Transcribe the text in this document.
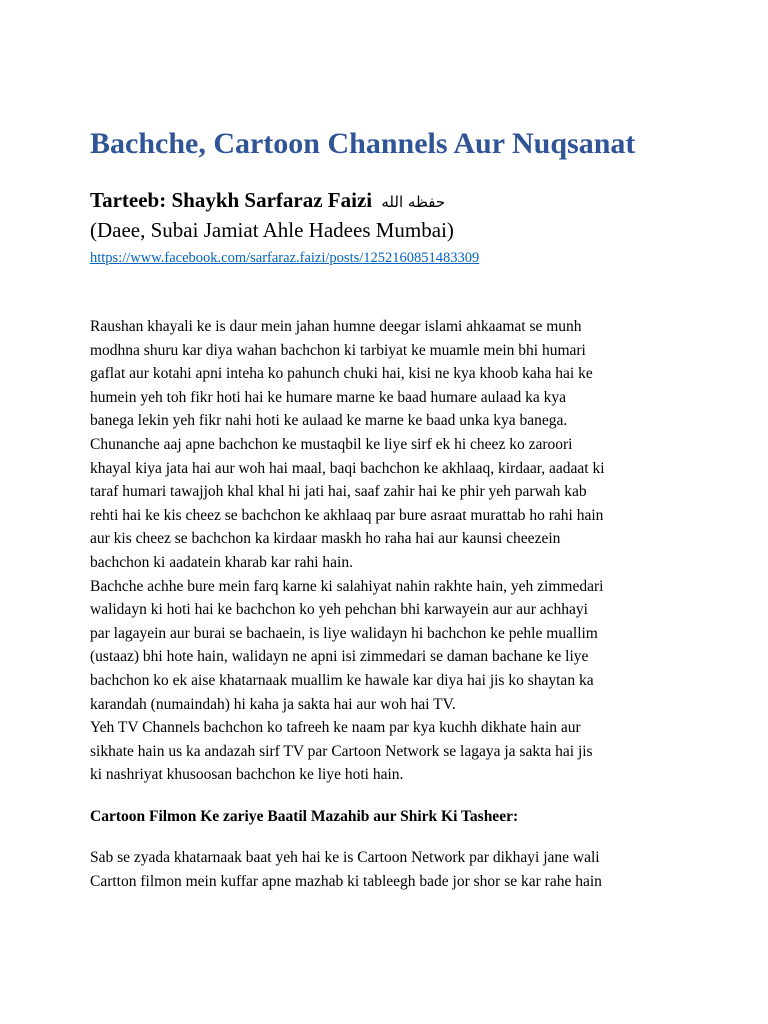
Bachche, Cartoon Channels Aur Nuqsanat
Tarteeb: Shaykh Sarfaraz Faizi حفظه الله
(Daee, Subai Jamiat Ahle Hadees Mumbai)
https://www.facebook.com/sarfaraz.faizi/posts/1252160851483309
Raushan khayali ke is daur mein jahan humne deegar islami ahkaamat se munh
modhna shuru kar diya wahan bachchon ki tarbiyat ke muamle mein bhi humari
gaflat aur kotahi apni inteha ko pahunch chuki hai, kisi ne kya khoob kaha hai ke
humein yeh toh fikr hoti hai ke humare marne ke baad humare aulaad ka kya
banega lekin yeh fikr nahi hoti ke aulaad ke marne ke baad unka kya banega.
Chunanche aaj apne bachchon ke mustaqbil ke liye sirf ek hi cheez ko zaroori
khayal kiya jata hai aur woh hai maal, baqi bachchon ke akhlaaq, kirdaar, aadaat ki
taraf humari tawajjoh khal khal hi jati hai, saaf zahir hai ke phir yeh parwah kab
rehti hai ke kis cheez se bachchon ke akhlaaq par bure asraat murattab ho rahi hain
aur kis cheez se bachchon ka kirdaar maskh ho raha hai aur kaunsi cheezein
bachchon ki aadatein kharab kar rahi hain.
Bachche achhe bure mein farq karne ki salahiyat nahin rakhte hain, yeh zimmedari
walidayn ki hoti hai ke bachchon ko yeh pehchan bhi karwayein aur aur achhayi
par lagayein aur burai se bachaein, is liye walidayn hi bachchon ke pehle muallim
(ustaaz) bhi hote hain, walidayn ne apni isi zimmedari se daman bachane ke liye
bachchon ko ek aise khatarnaak muallim ke hawale kar diya hai jis ko shaytan ka
karandah (numaindah) hi kaha ja sakta hai aur woh hai TV.
Yeh TV Channels bachchon ko tafreeh ke naam par kya kuchh dikhate hain aur
sikhate hain us ka andazah sirf TV par Cartoon Network se lagaya ja sakta hai jis
ki nashriyat khusoosan bachchon ke liye hoti hain.
Cartoon Filmon Ke zariye Baatil Mazahib aur Shirk Ki Tasheer:
Sab se zyada khatarnaak baat yeh hai ke is Cartoon Network par dikhayi jane wali
Cartton filmon mein kuffar apne mazhab ki tableegh bade jor shor se kar rahe hain
